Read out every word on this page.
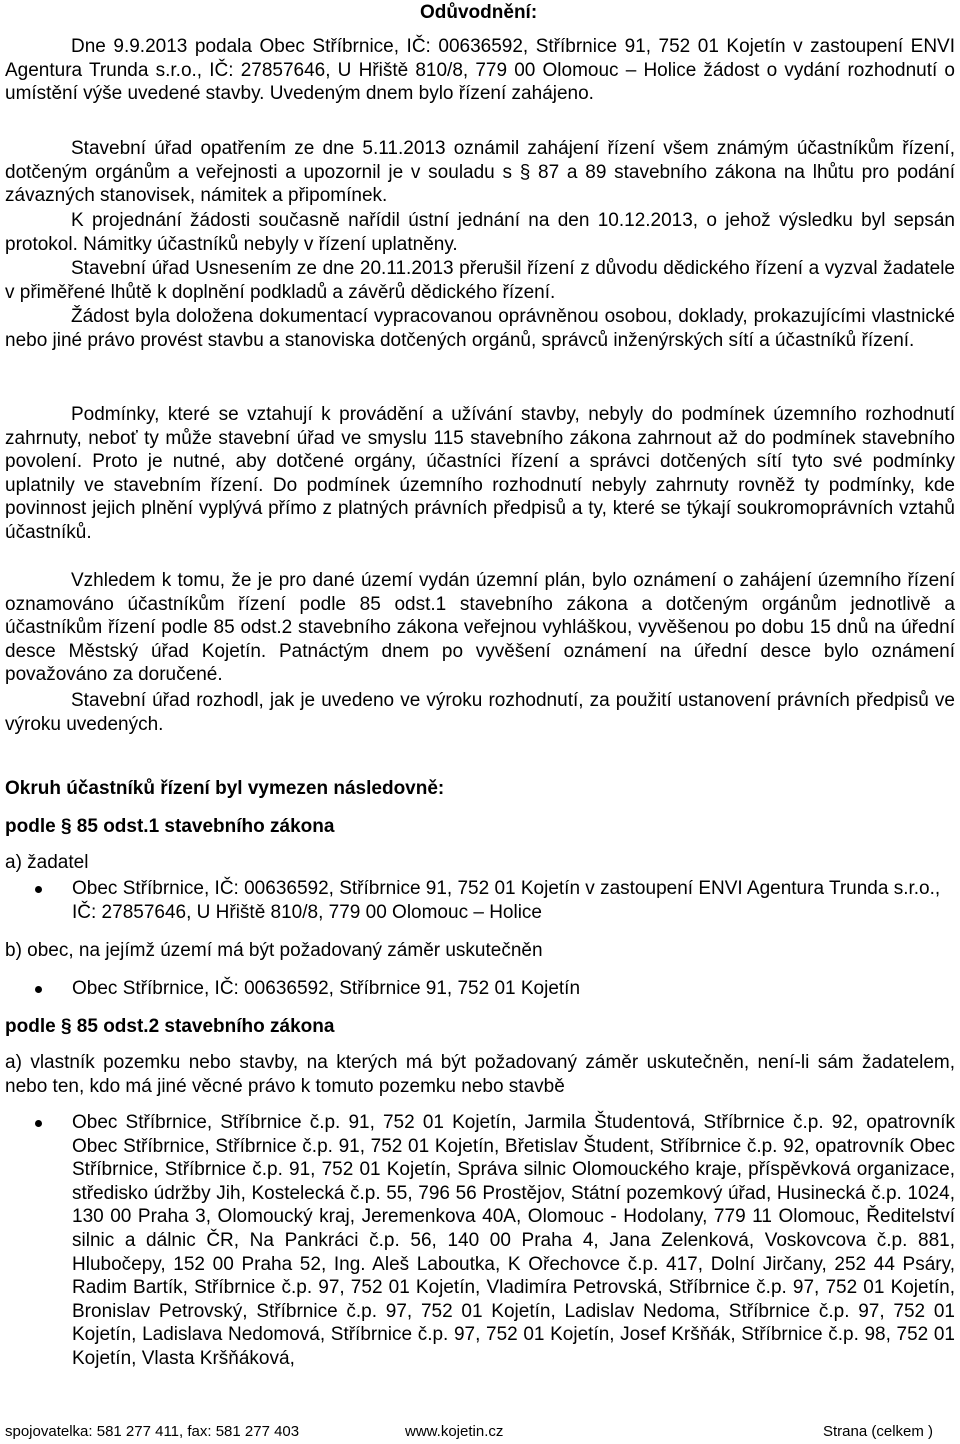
Odůvodnění:

Dne 9.9.2013 podala Obec Stříbrnice, IČ: 00636592, Stříbrnice 91, 752 01 Kojetín v zastoupení ENVI Agentura Trunda s.r.o., IČ: 27857646, U Hřiště 810/8, 779 00 Olomouc – Holice žádost o vydání rozhodnutí o umístění výše uvedené stavby. Uvedeným dnem bylo řízení zahájeno.

Stavební úřad opatřením ze dne 5.11.2013 oznámil zahájení řízení všem známým účastníkům řízení, dotčeným orgánům a veřejnosti a upozornil je v souladu s § 87 a 89 stavebního zákona na lhůtu pro podání závazných stanovisek, námitek a připomínek.

K projednání žádosti současně nařídil ústní jednání na den 10.12.2013, o jehož výsledku byl sepsán protokol. Námitky účastníků nebyly v řízení uplatněny.

Stavební úřad Usnesením ze dne 20.11.2013 přerušil řízení z důvodu dědického řízení a vyzval žadatele v přiměřené lhůtě k doplnění podkladů a závěrů dědického řízení.

Žádost byla doložena dokumentací vypracovanou oprávněnou osobou, doklady, prokazujícími vlastnické nebo jiné právo provést stavbu a stanoviska dotčených orgánů, správců inženýrských sítí a účastníků řízení.

Podmínky, které se vztahují k provádění a užívání stavby, nebyly do podmínek územního rozhodnutí zahrnuty, neboť ty může stavební úřad ve smyslu 115 stavebního zákona zahrnout až do podmínek stavebního povolení. Proto je nutné, aby dotčené orgány, účastníci řízení a správci dotčených sítí tyto své podmínky uplatnily ve stavebním řízení. Do podmínek územního rozhodnutí nebyly zahrnuty rovněž ty podmínky, kde povinnost jejich plnění vyplývá přímo z platných právních předpisů a ty, které se týkají soukromoprávních vztahů účastníků.

Vzhledem k tomu, že je pro dané území vydán územní plán, bylo oznámení o zahájení územního řízení oznamováno účastníkům řízení podle 85 odst.1 stavebního zákona a dotčeným orgánům jednotlivě a účastníkům řízení podle 85 odst.2 stavebního zákona veřejnou vyhláškou, vyvěšenou po dobu 15 dnů na úřední desce Městský úřad Kojetín. Patnáctým dnem po vyvěšení oznámení na úřední desce bylo oznámení považováno za doručené.

Stavební úřad rozhodl, jak je uvedeno ve výroku rozhodnutí, za použití ustanovení právních předpisů ve výroku uvedených.

Okruh účastníků řízení byl vymezen následovně:

podle § 85 odst.1 stavebního zákona

a) žadatel

Obec Stříbrnice, IČ: 00636592, Stříbrnice 91, 752 01 Kojetín v zastoupení ENVI Agentura Trunda s.r.o., IČ: 27857646, U Hřiště 810/8, 779 00 Olomouc – Holice

b) obec, na jejímž území má být požadovaný záměr uskutečněn

Obec Stříbrnice, IČ: 00636592, Stříbrnice 91, 752 01 Kojetín

podle § 85 odst.2 stavebního zákona

a) vlastník pozemku nebo stavby, na kterých má být požadovaný záměr uskutečněn, není-li sám žadatelem, nebo ten, kdo má jiné věcné právo k tomuto pozemku nebo stavbě

Obec Stříbrnice, Stříbrnice č.p. 91, 752 01 Kojetín, Jarmila Študentová, Stříbrnice č.p. 92, opatrovník Obec Stříbrnice, Stříbrnice č.p. 91, 752 01 Kojetín, Břetislav Študent, Stříbrnice č.p. 92, opatrovník Obec Stříbrnice, Stříbrnice č.p. 91, 752 01 Kojetín, Správa silnic Olomouckého kraje, příspěvková organizace, středisko údržby Jih, Kostelecká č.p. 55, 796 56 Prostějov, Státní pozemkový úřad, Husinecká č.p. 1024, 130 00 Praha 3, Olomoucký kraj, Jeremenkova 40A, Olomouc - Hodolany, 779 11 Olomouc, Ředitelství silnic a dálnic ČR, Na Pankráci č.p. 56, 140 00 Praha 4, Jana Zelenková, Voskovcova č.p. 881, Hlubočepy, 152 00 Praha 52, Ing. Aleš Laboutka, K Ořechovce č.p. 417, Dolní Jirčany, 252 44 Psáry, Radim Bartík, Stříbrnice č.p. 97, 752 01 Kojetín, Vladimíra Petrovská, Stříbrnice č.p. 97, 752 01 Kojetín, Bronislav Petrovský, Stříbrnice č.p. 97, 752 01 Kojetín, Ladislav Nedoma, Stříbrnice č.p. 97, 752 01 Kojetín, Ladislava Nedomová, Stříbrnice č.p. 97, 752 01 Kojetín, Josef Kršňák, Stříbrnice č.p. 98, 752 01 Kojetín, Vlasta Kršňáková,

spojovatelka: 581 277 411, fax: 581 277 403	www.kojetin.cz	Strana (celkem )
